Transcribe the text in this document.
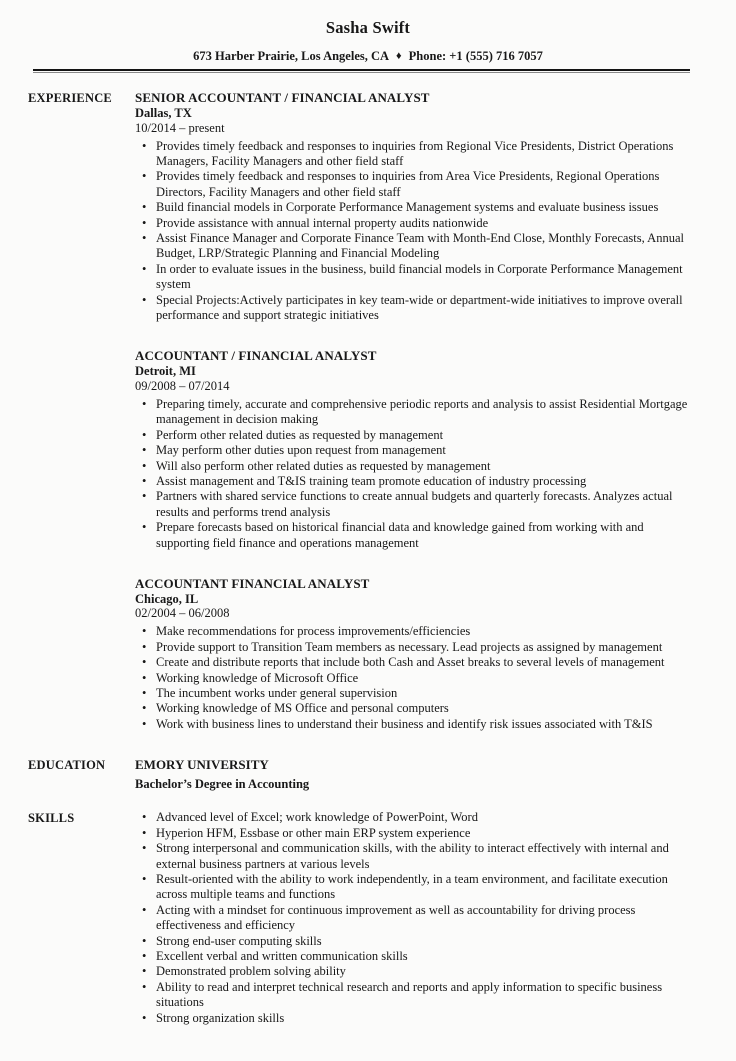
Sasha Swift
673 Harber Prairie, Los Angeles, CA ♦ Phone: +1 (555) 716 7057
EXPERIENCE	SENIOR ACCOUNTANT / FINANCIAL ANALYST
Dallas, TX
10/2014 – present
• Provides timely feedback and responses to inquiries from Regional Vice Presidents, District Operations Managers, Facility Managers and other field staff
• Provides timely feedback and responses to inquiries from Area Vice Presidents, Regional Operations Directors, Facility Managers and other field staff
• Build financial models in Corporate Performance Management systems and evaluate business issues
• Provide assistance with annual internal property audits nationwide
• Assist Finance Manager and Corporate Finance Team with Month-End Close, Monthly Forecasts, Annual Budget, LRP/Strategic Planning and Financial Modeling
• In order to evaluate issues in the business, build financial models in Corporate Performance Management system
• Special Projects:Actively participates in key team-wide or department-wide initiatives to improve overall performance and support strategic initiatives
ACCOUNTANT / FINANCIAL ANALYST
Detroit, MI
09/2008 – 07/2014
• Preparing timely, accurate and comprehensive periodic reports and analysis to assist Residential Mortgage management in decision making
• Perform other related duties as requested by management
• May perform other duties upon request from management
• Will also perform other related duties as requested by management
• Assist management and T&IS training team promote education of industry processing
• Partners with shared service functions to create annual budgets and quarterly forecasts. Analyzes actual results and performs trend analysis
• Prepare forecasts based on historical financial data and knowledge gained from working with and supporting field finance and operations management
ACCOUNTANT FINANCIAL ANALYST
Chicago, IL
02/2004 – 06/2008
• Make recommendations for process improvements/efficiencies
• Provide support to Transition Team members as necessary. Lead projects as assigned by management
• Create and distribute reports that include both Cash and Asset breaks to several levels of management
• Working knowledge of Microsoft Office
• The incumbent works under general supervision
• Working knowledge of MS Office and personal computers
• Work with business lines to understand their business and identify risk issues associated with T&IS
EDUCATION	EMORY UNIVERSITY
Bachelor’s Degree in Accounting
SKILLS	• Advanced level of Excel; work knowledge of PowerPoint, Word
• Hyperion HFM, Essbase or other main ERP system experience
• Strong interpersonal and communication skills, with the ability to interact effectively with internal and external business partners at various levels
• Result-oriented with the ability to work independently, in a team environment, and facilitate execution across multiple teams and functions
• Acting with a mindset for continuous improvement as well as accountability for driving process effectiveness and efficiency
• Strong end-user computing skills
• Excellent verbal and written communication skills
• Demonstrated problem solving ability
• Ability to read and interpret technical research and reports and apply information to specific business situations
• Strong organization skills
